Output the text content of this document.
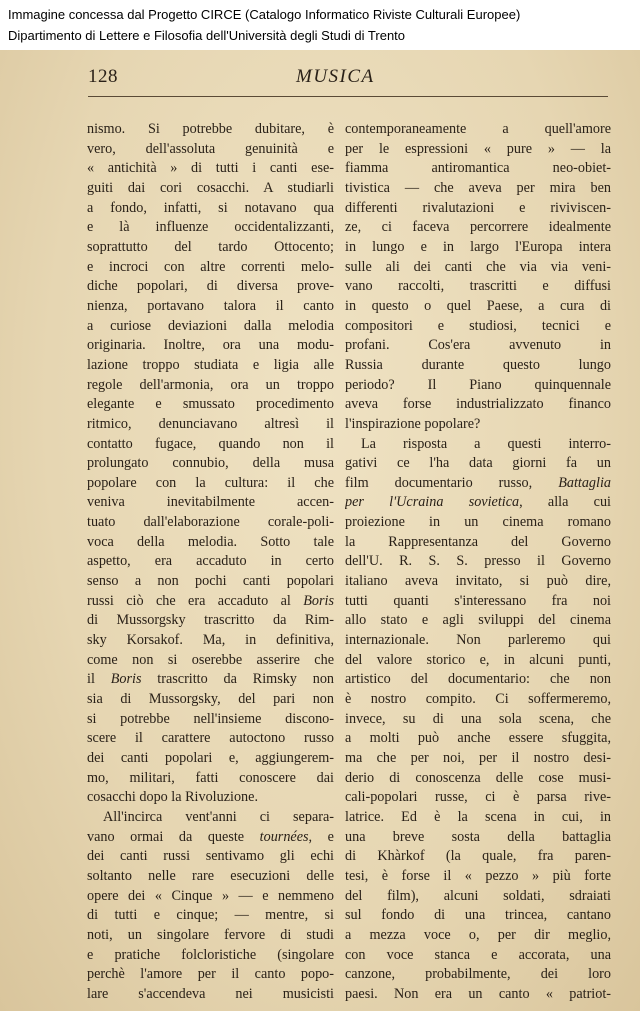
Immagine concessa dal Progetto CIRCE (Catalogo Informatico Riviste Culturali Europee)
Dipartimento di Lettere e Filosofia dell'Università degli Studi di Trento
128	MUSICA

nismo. Si potrebbe dubitare, è
vero, dell'assoluta genuinità e
« antichità » di tutti i canti ese-
guiti dai cori cosacchi. A studiarli
a fondo, infatti, si notavano qua
e là influenze occidentalizzanti,
soprattutto del tardo Ottocento;
e incroci con altre correnti melo-
diche popolari, di diversa prove-
nienza, portavano talora il canto
a curiose deviazioni dalla melodia
originaria. Inoltre, ora una modu-
lazione troppo studiata e ligia alle
regole dell'armonia, ora un troppo
elegante e smussato procedimento
ritmico, denunciavano altresì il
contatto fugace, quando non il
prolungato connubio, della musa
popolare con la cultura: il che
veniva inevitabilmente accen-
tuato dall'elaborazione corale-poli-
voca della melodia. Sotto tale
aspetto, era accaduto in certo
senso a non pochi canti popolari
russi ciò che era accaduto al Boris
di Mussorgsky trascritto da Rim-
sky Korsakof. Ma, in definitiva,
come non si oserebbe asserire che
il Boris trascritto da Rimsky non
sia di Mussorgsky, del pari non
si potrebbe nell'insieme discono-
scere il carattere autoctono russo
dei canti popolari e, aggiungerem-
mo, militari, fatti conoscere dai
cosacchi dopo la Rivoluzione.

All'incirca vent'anni ci separa-
vano ormai da queste tournées, e
dei canti russi sentivamo gli echi
soltanto nelle rare esecuzioni delle
opere dei « Cinque » — e nemmeno
di tutti e cinque; — mentre, si
noti, un singolare fervore di studi
e pratiche folcloristiche (singolare
perchè l'amore per il canto popo-
lare s'accendeva nei musicisti

contemporaneamente a quell'amore
per le espressioni « pure » — la
fiamma antiromantica neo-obiet-
tivistica — che aveva per mira ben
differenti rivalutazioni e riviviscen-
ze, ci faceva percorrere idealmente
in lungo e in largo l'Europa intera
sulle ali dei canti che via via veni-
vano raccolti, trascritti e diffusi
in questo o quel Paese, a cura di
compositori e studiosi, tecnici e
profani. Cos'era avvenuto in
Russia durante questo lungo
periodo? Il Piano quinquennale
aveva forse industrializzato financo
l'inspirazione popolare?

La risposta a questi interro-
gativi ce l'ha data giorni fa un
film documentario russo, Battaglia
per l'Ucraina sovietica, alla cui
proiezione in un cinema romano
la Rappresentanza del Governo
dell'U. R. S. S. presso il Governo
italiano aveva invitato, si può dire,
tutti quanti s'interessano fra noi
allo stato e agli sviluppi del cinema
internazionale. Non parleremo qui
del valore storico e, in alcuni punti,
artistico del documentario: che non
è nostro compito. Ci soffermeremo,
invece, su di una sola scena, che
a molti può anche essere sfuggita,
ma che per noi, per il nostro desi-
derio di conoscenza delle cose musi-
cali-popolari russe, ci è parsa rive-
latrice. Ed è la scena in cui, in
una breve sosta della battaglia
di Khàrkof (la quale, fra paren-
tesi, è forse il « pezzo » più forte
del film), alcuni soldati, sdraiati
sul fondo di una trincea, cantano
a mezza voce o, per dir meglio,
con voce stanca e accorata, una
canzone, probabilmente, dei loro
paesi. Non era un canto « patriot-
